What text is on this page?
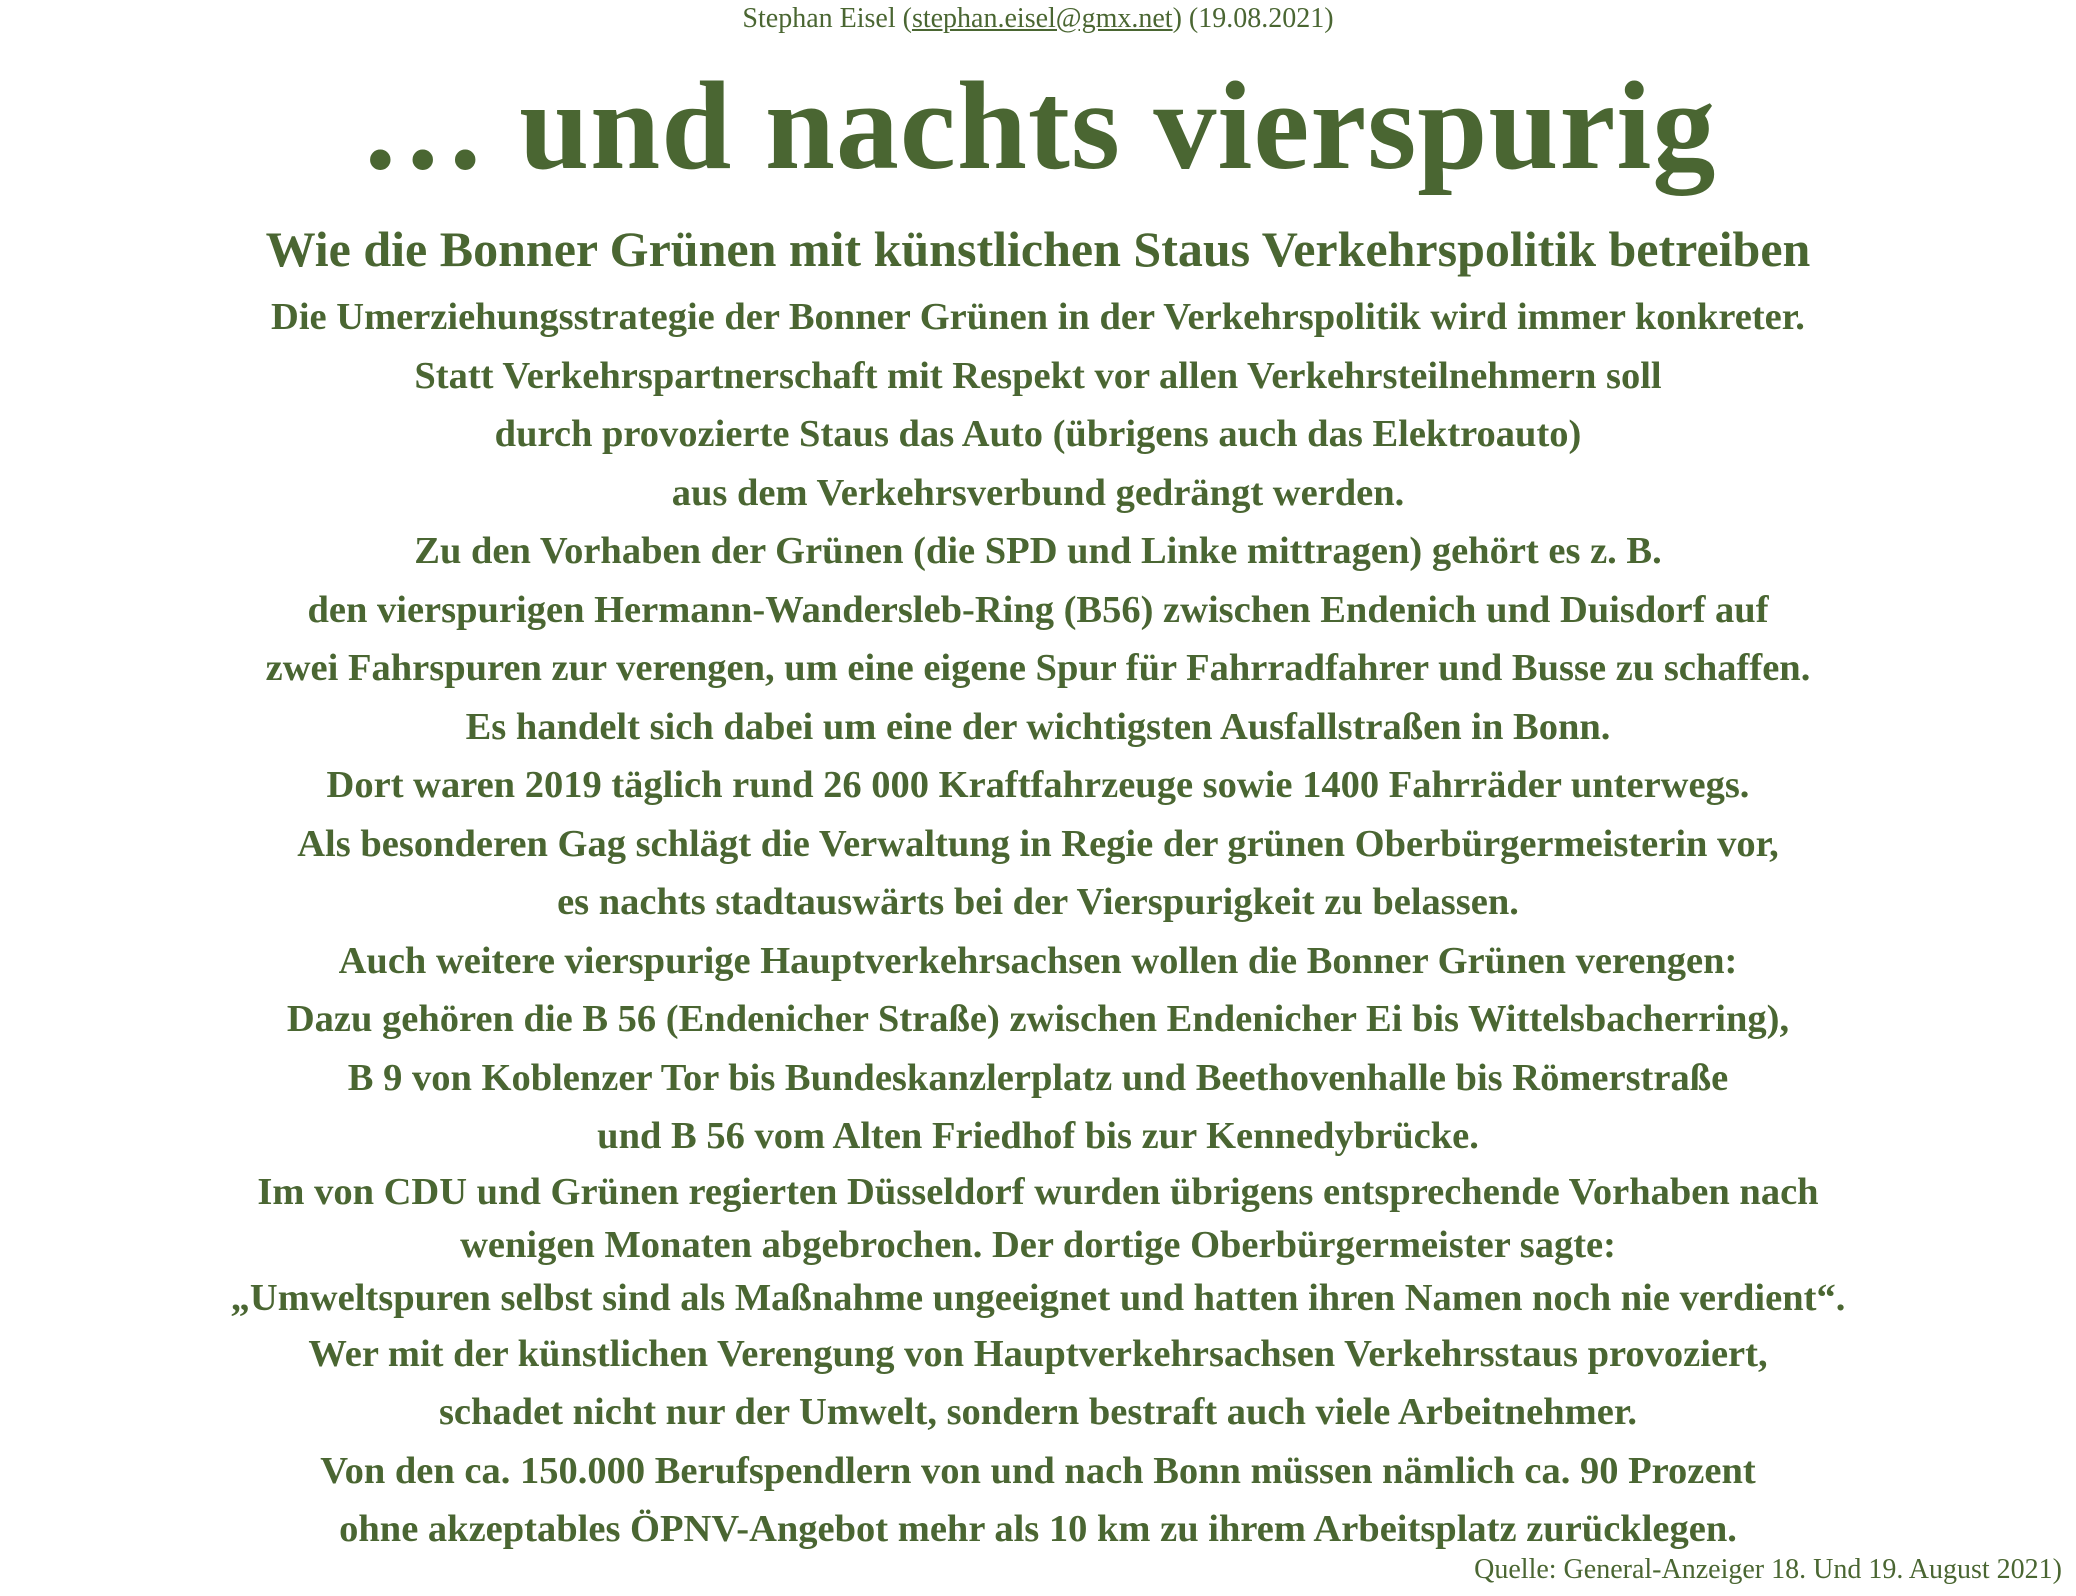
Stephan Eisel (stephan.eisel@gmx.net) (19.08.2021)
… und nachts vierspurig
Wie die Bonner Grünen mit künstlichen Staus Verkehrspolitik betreiben
Die Umerziehungsstrategie der Bonner Grünen in der Verkehrspolitik wird immer konkreter.
Statt Verkehrspartnerschaft mit Respekt vor allen Verkehrsteilnehmern soll
durch provozierte Staus das Auto (übrigens auch das Elektroauto)
aus dem Verkehrsverbund gedrängt werden.
Zu den Vorhaben der Grünen (die SPD und Linke mittragen) gehört es z. B.
den vierspurigen Hermann-Wandersleb-Ring (B56) zwischen Endenich und Duisdorf auf
zwei Fahrspuren zur verengen, um eine eigene Spur für Fahrradfahrer und Busse zu schaffen.
Es handelt sich dabei um eine der wichtigsten Ausfallstraßen in Bonn.
Dort waren 2019 täglich rund 26 000 Kraftfahrzeuge sowie 1400 Fahrräder unterwegs.
Als besonderen Gag schlägt die Verwaltung in Regie der grünen Oberbürgermeisterin vor,
es nachts stadtauswärts bei der Vierspurigkeit zu belassen.
Auch weitere vierspurige Hauptverkehrsachsen wollen die Bonner Grünen verengen:
Dazu gehören die B 56 (Endenicher Straße) zwischen Endenicher Ei bis Wittelsbacherring),
B 9 von Koblenzer Tor bis Bundeskanzlerplatz und Beethovenhalle bis Römerstraße
und B 56 vom Alten Friedhof bis zur Kennedybrücke.
Im von CDU und Grünen regierten Düsseldorf wurden übrigens entsprechende Vorhaben nach
wenigen Monaten abgebrochen. Der dortige Oberbürgermeister sagte:
„Umweltspuren selbst sind als Maßnahme ungeeignet und hatten ihren Namen noch nie verdient“.
Wer mit der künstlichen Verengung von Hauptverkehrsachsen Verkehrsstaus provoziert,
schadet nicht nur der Umwelt, sondern bestraft auch viele Arbeitnehmer.
Von den ca. 150.000 Berufspendlern von und nach Bonn müssen nämlich ca. 90 Prozent
ohne akzeptables ÖPNV-Angebot mehr als 10 km zu ihrem Arbeitsplatz zurücklegen.
Quelle: General-Anzeiger 18. Und 19. August 2021)
